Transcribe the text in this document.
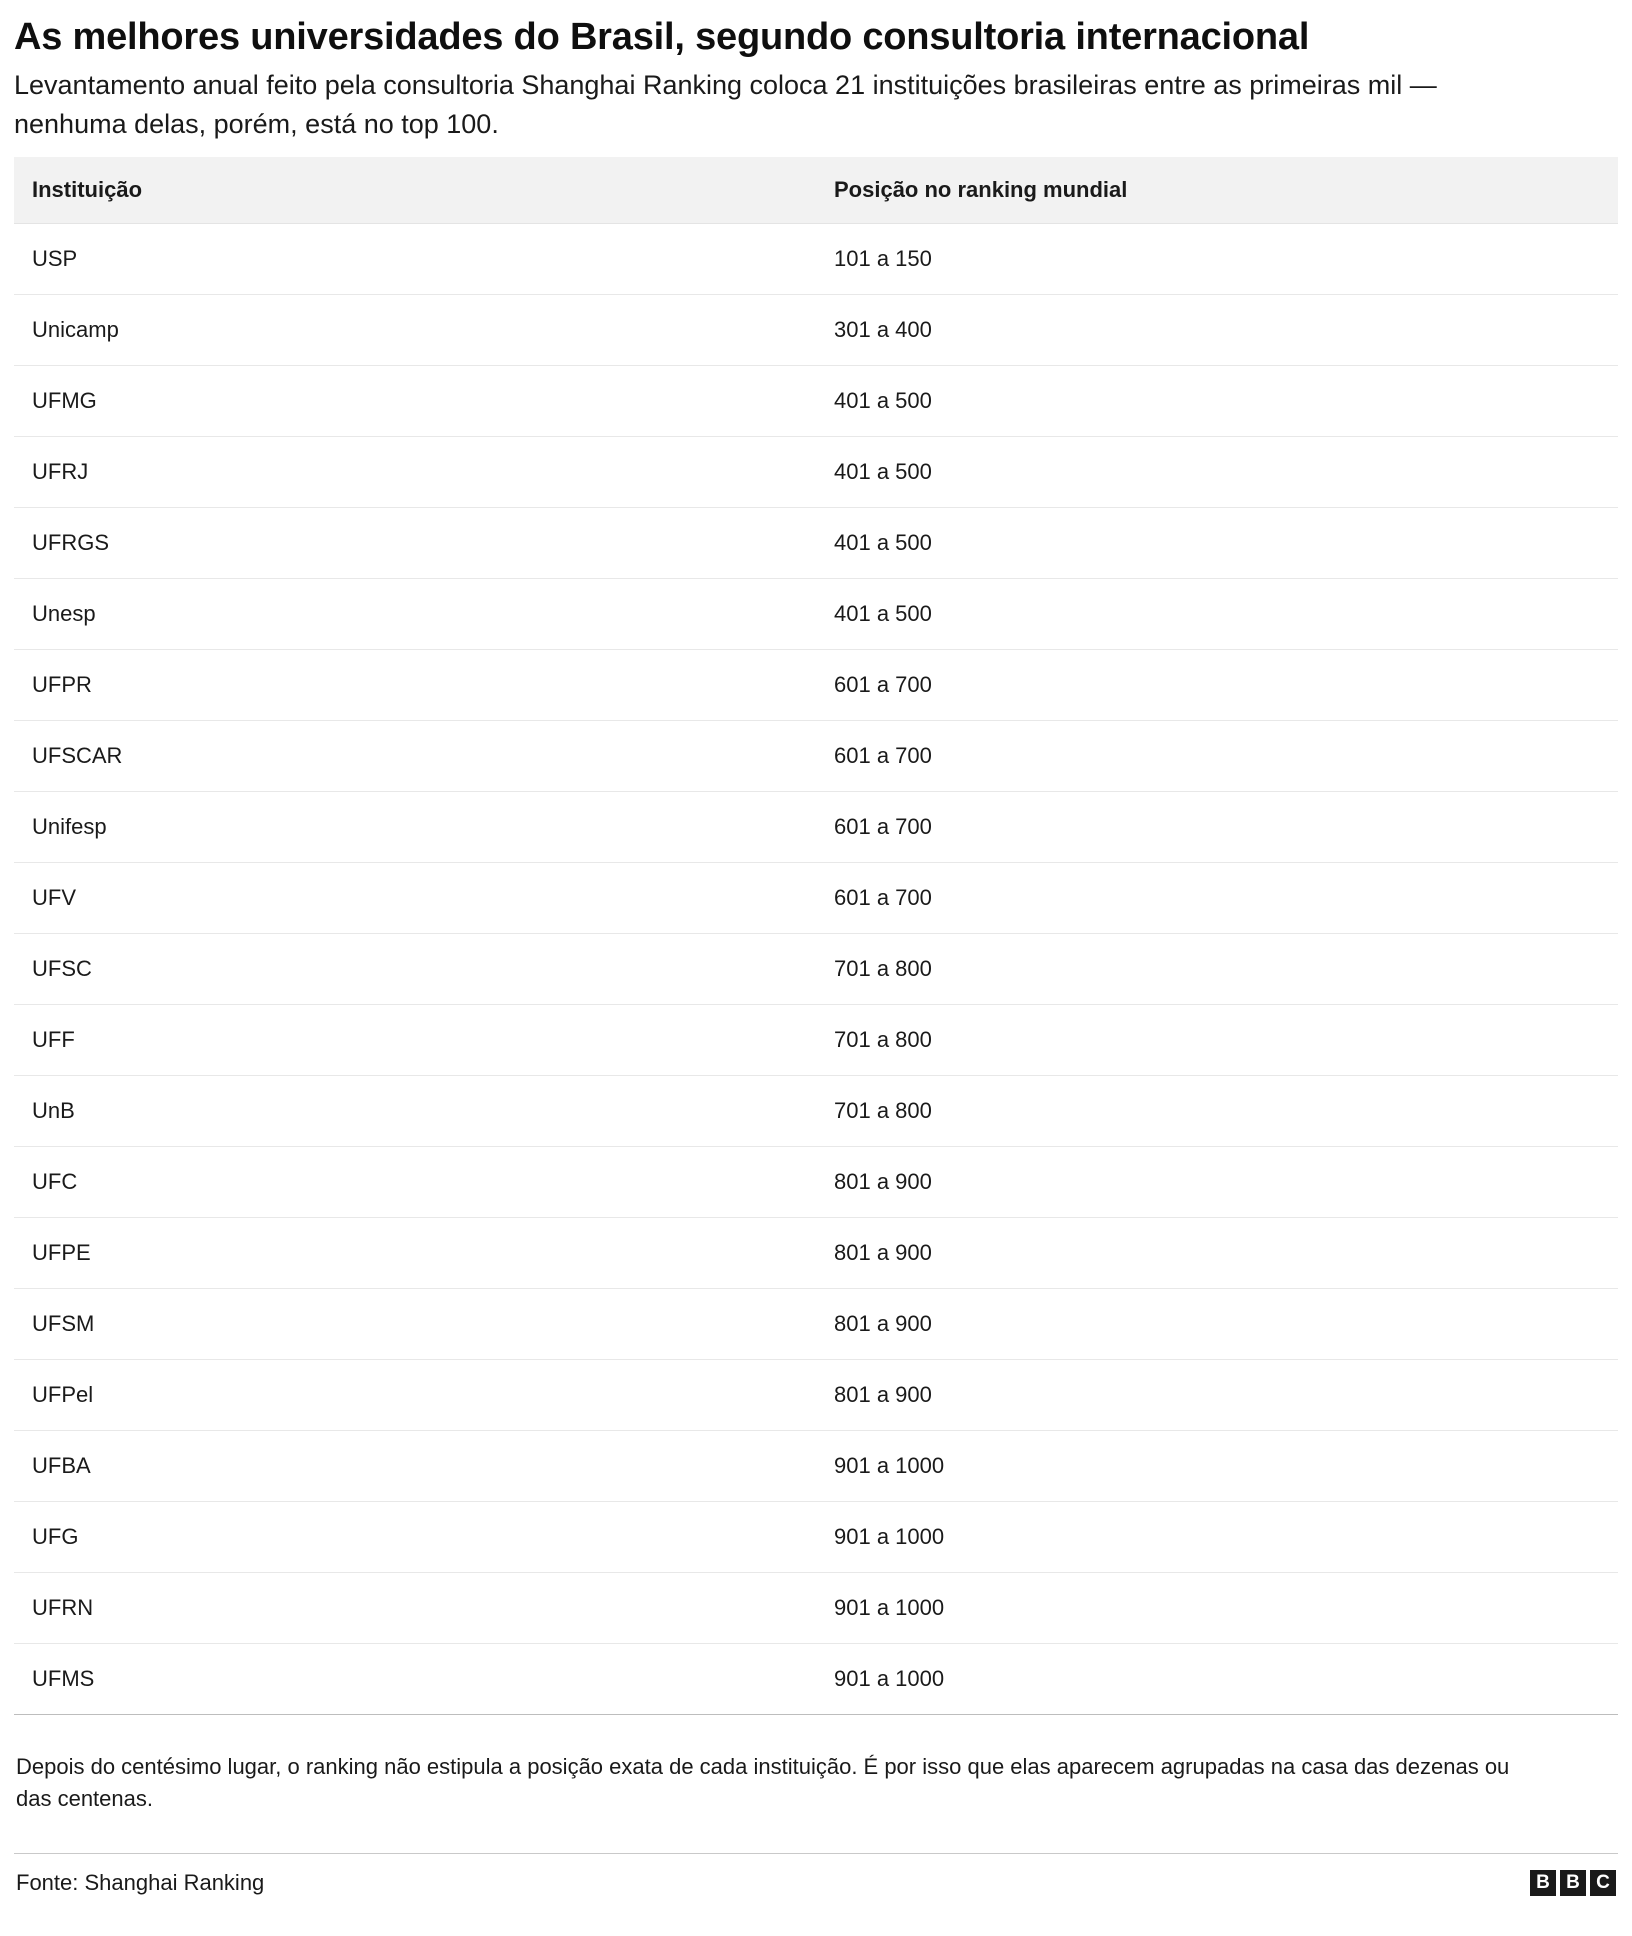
As melhores universidades do Brasil, segundo consultoria internacional

Levantamento anual feito pela consultoria Shanghai Ranking coloca 21 instituições brasileiras entre as primeiras mil — nenhuma delas, porém, está no top 100.

Instituição	Posição no ranking mundial
USP	101 a 150
Unicamp	301 a 400
UFMG	401 a 500
UFRJ	401 a 500
UFRGS	401 a 500
Unesp	401 a 500
UFPR	601 a 700
UFSCAR	601 a 700
Unifesp	601 a 700
UFV	601 a 700
UFSC	701 a 800
UFF	701 a 800
UnB	701 a 800
UFC	801 a 900
UFPE	801 a 900
UFSM	801 a 900
UFPel	801 a 900
UFBA	901 a 1000
UFG	901 a 1000
UFRN	901 a 1000
UFMS	901 a 1000

Depois do centésimo lugar, o ranking não estipula a posição exata de cada instituição. É por isso que elas aparecem agrupadas na casa das dezenas ou das centenas.

Fonte: Shanghai Ranking	B B C
